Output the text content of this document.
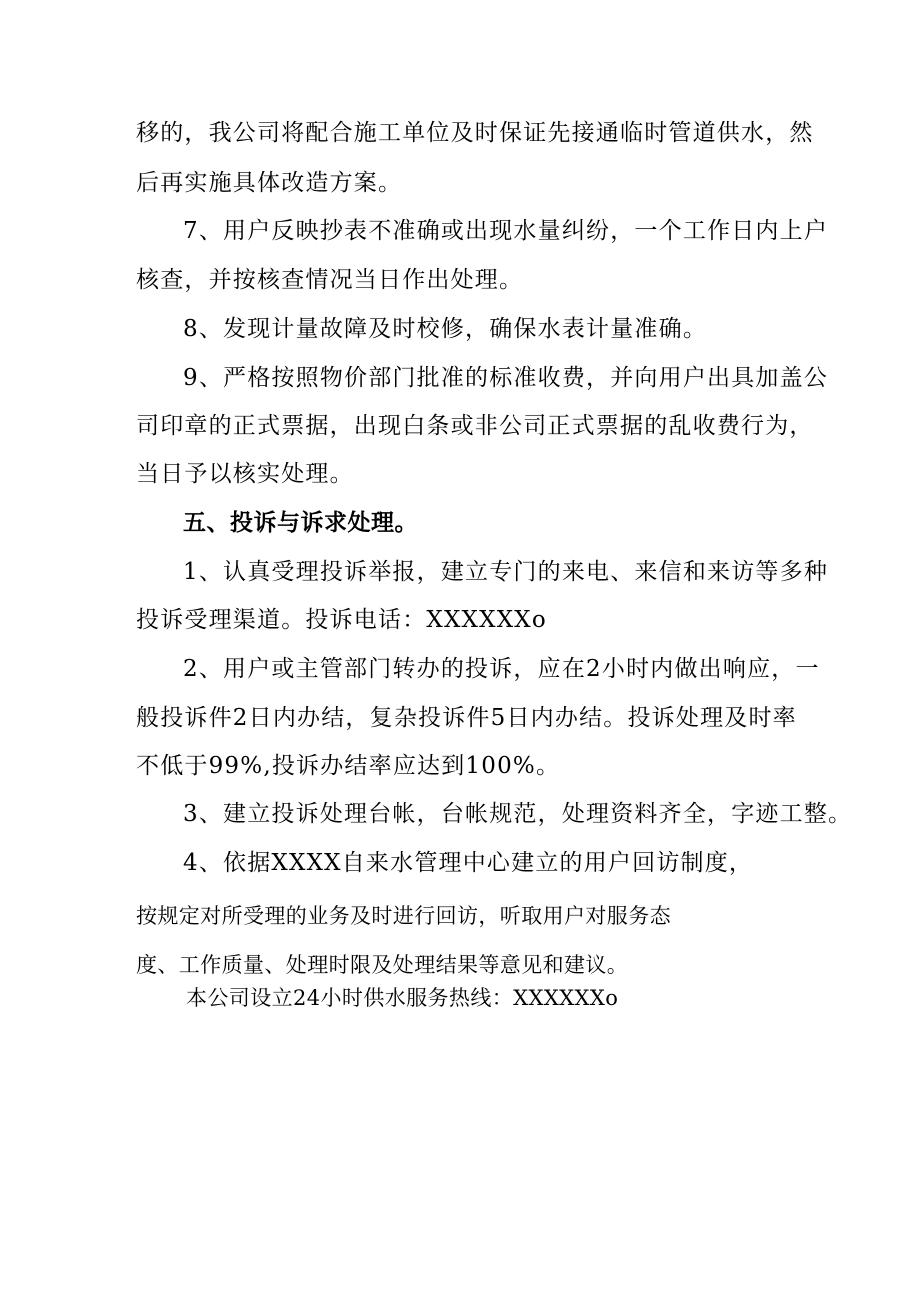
移的，我公司将配合施工单位及时保证先接通临时管道供水，然
后再实施具体改造方案。
7、用户反映抄表不准确或出现水量纠纷，一个工作日内上户
核查，并按核查情况当日作出处理。
8、发现计量故障及时校修，确保水表计量准确。
9、严格按照物价部门批准的标准收费，并向用户出具加盖公
司印章的正式票据，出现白条或非公司正式票据的乱收费行为，
当日予以核实处理。
五、投诉与诉求处理。
1、认真受理投诉举报，建立专门的来电、来信和来访等多种
投诉受理渠道。投诉电话：XXXXXXo
2、用户或主管部门转办的投诉，应在2小时内做出响应，一
般投诉件2日内办结，复杂投诉件5日内办结。投诉处理及时率
不低于99%,投诉办结率应达到100%。
3、建立投诉处理台帐，台帐规范，处理资料齐全，字迹工整。
4、依据XXXX自来水管理中心建立的用户回访制度，
按规定对所受理的业务及时进行回访，听取用户对服务态
度、工作质量、处理时限及处理结果等意见和建议。
本公司设立24小时供水服务热线：XXXXXXo
